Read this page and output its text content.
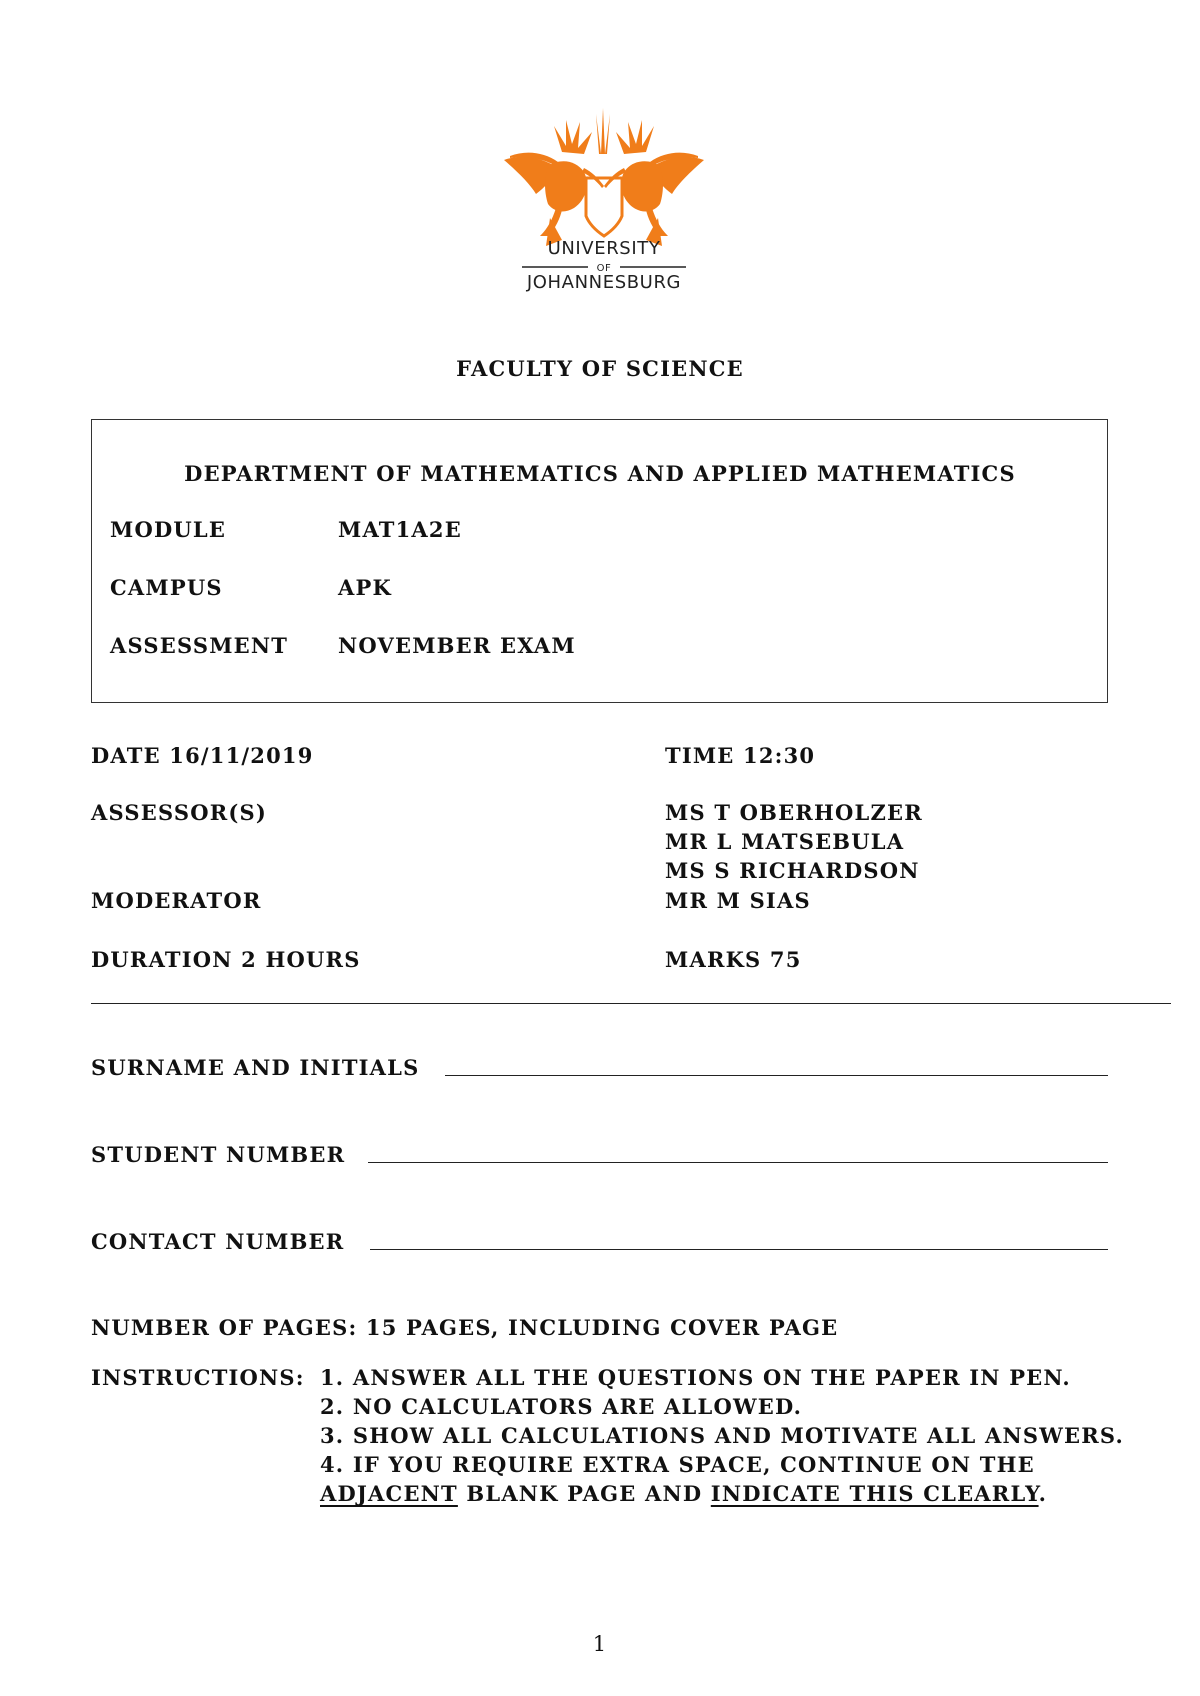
UNIVERSITY
OF
JOHANNESBURG
FACULTY OF SCIENCE
DEPARTMENT OF MATHEMATICS AND APPLIED MATHEMATICS
MODULE	MAT1A2E
CAMPUS	APK
ASSESSMENT NOVEMBER EXAM
DATE 16/11/2019	TIME 12:30
ASSESSOR(S)	MS T OBERHOLZER
MR L MATSEBULA
MS S RICHARDSON
MODERATOR	MR M SIAS
DURATION 2 HOURS	MARKS 75
SURNAME AND INITIALS
STUDENT NUMBER
CONTACT NUMBER
NUMBER OF PAGES: 15 PAGES, INCLUDING COVER PAGE
INSTRUCTIONS: 1. ANSWER ALL THE QUESTIONS ON THE PAPER IN PEN.
2. NO CALCULATORS ARE ALLOWED.
3. SHOW ALL CALCULATIONS AND MOTIVATE ALL ANSWERS.
4. IF YOU REQUIRE EXTRA SPACE, CONTINUE ON THE
ADJACENT BLANK PAGE AND INDICATE THIS CLEARLY.
1
